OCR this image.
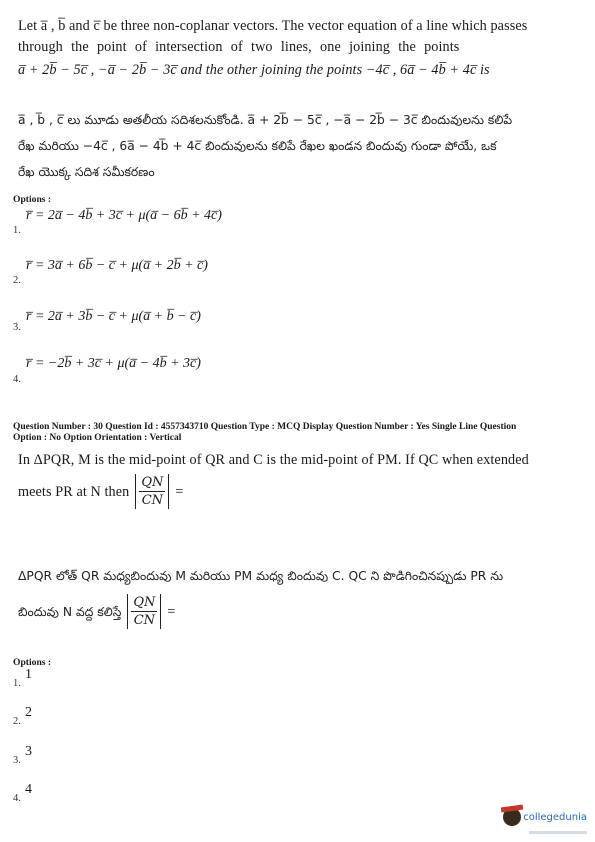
Let a̅ , b̅ and c̅ be three non-coplanar vectors. The vector equation of a line which passes
through the point of intersection of two lines, one joining the points
a̅ + 2b̅ − 5c̅ , −a̅ − 2b̅ − 3c̅ and the other joining the points −4c̅ , 6a̅ − 4b̅ + 4c̅ is
a̅ , b̅ , c̅ లు మూడు అతలీయ సదిశలనుకోండి. a̅ + 2b̅ − 5c̅ , −a̅ − 2b̅ − 3c̅ బిందువులను కలిపే
రేఖ మరియు −4c̅ , 6a̅ − 4b̅ + 4c̅ బిందువులను కలిపే రేఖల ఖండన బిందువు గుండా పోయే, ఒక
రేఖ యొక్క సదిశ సమీకరణం
Options :
1.
r̅ = 2a̅ − 4b̅ + 3c̅ + μ(a̅ − 6b̅ + 4c̅)
2.
r̅ = 3a̅ + 6b̅ − c̅ + μ(a̅ + 2b̅ + c̅)
3.
r̅ = 2a̅ + 3b̅ − c̅ + μ(a̅ + b̅ − c̅)
4.
r̅ = −2b̅ + 3c̅ + μ(a̅ − 4b̅ + 3c̅)
Question Number : 30 Question Id : 4557343710 Question Type : MCQ Display Question Number : Yes Single Line Question
Option : No Option Orientation : Vertical
In ΔPQR, M is the mid-point of QR and C is the mid-point of PM. If QC when extended
meets PR at N then $\frac{QN}{CN}$ =
ΔPQR లోత్ QR మధ్యబిందువు M మరియు PM మధ్య బిందువు C. QC ని పొడిగించినప్పుడు PR ను
బిందువు N వద్ద కలిస్తే $\frac{QN}{CN}$ =
Options :
1.
1
2.
2
3.
3
4.
4
collegedunia
